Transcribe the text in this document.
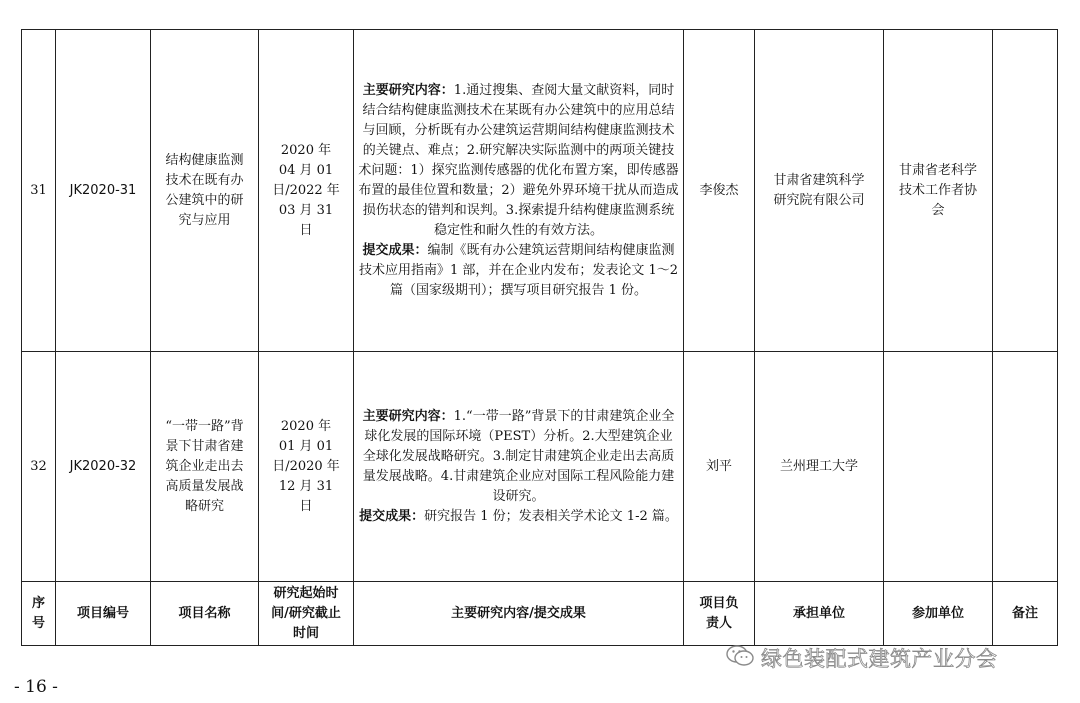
31	JK2020-31	结构健康监测技术在既有办公建筑中的研究与应用	2020 年 04 月 01 日/2022 年 03 月 31 日	主要研究内容：1.通过搜集、查阅大量文献资料，同时结合结构健康监测技术在某既有办公建筑中的应用总结与回顾，分析既有办公建筑运营期间结构健康监测技术的关键点、难点；2.研究解决实际监测中的两项关键技术问题：1）探究监测传感器的优化布置方案，即传感器布置的最佳位置和数量；2）避免外界环境干扰从而造成损伤状态的错判和误判。3.探索提升结构健康监测系统稳定性和耐久性的有效方法。
提交成果：编制《既有办公建筑运营期间结构健康监测技术应用指南》1 部，并在企业内发布；发表论文 1～2 篇（国家级期刊）；撰写项目研究报告 1 份。	李俊杰	甘肃省建筑科学研究院有限公司	甘肃省老科学技术工作者协会	
32	JK2020-32	“一带一路”背景下甘肃省建筑企业走出去高质量发展战略研究	2020 年 01 月 01 日/2020 年 12 月 31 日	主要研究内容：1.“一带一路”背景下的甘肃建筑企业全球化发展的国际环境（PEST）分析。2.大型建筑企业全球化发展战略研究。3.制定甘肃建筑企业走出去高质量发展战略。4.甘肃建筑企业应对国际工程风险能力建设研究。
提交成果：研究报告 1 份；发表相关学术论文 1-2 篇。	刘平	兰州理工大学		
序号	项目编号	项目名称	研究起始时间/研究截止时间	主要研究内容/提交成果	项目负责人	承担单位	参加单位	备注
绿色装配式建筑产业分会
- 16 -
